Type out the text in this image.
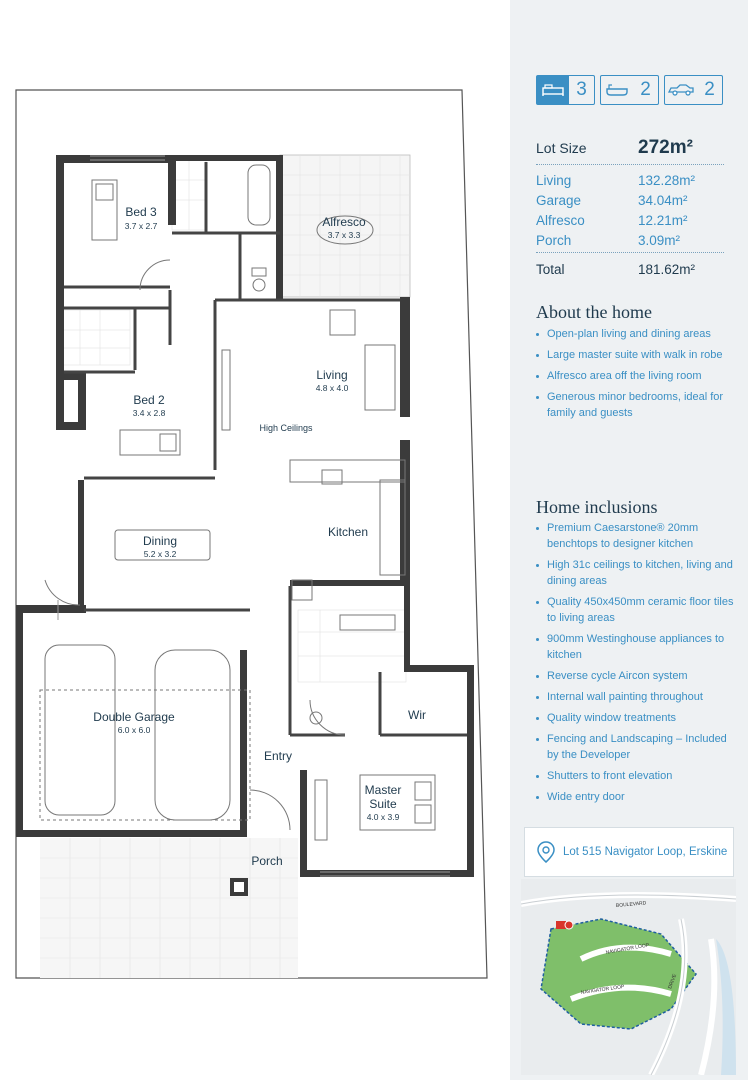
Bed 3
3.7 x 2.7	Alfresco
3.7 x 3.3
Living
4.8 x 4.0
High Ceilings
Bed 2
3.4 x 2.8
Dining
5.2 x 3.2
Kitchen
Double Garage
6.0 x 6.0
Entry
Wir
Master
Suite
4.0 x 3.9
Porch
3	2	2
Lot Size	272m²
Living	132.28m²
Garage	34.04m²
Alfresco	12.21m²
Porch	3.09m²
Total	181.62m²
About the home
Open-plan living and dining areas
Large master suite with walk in robe
Alfresco area off the living room
Generous minor bedrooms, ideal for family and guests
Home inclusions
Premium Caesarstone® 20mm benchtops to designer kitchen
High 31c ceilings to kitchen, living and dining areas
Quality 450x450mm ceramic floor tiles to living areas
900mm Westinghouse appliances to kitchen
Reverse cycle Aircon system
Internal wall painting throughout
Quality window treatments
Fencing and Landscaping – Included by the Developer
Shutters to front elevation
Wide entry door
Lot 515 Navigator Loop, Erskine
BOULEVARD
NAVIGATOR LOOP
NAVIGATOR LOOP
DRIVE
